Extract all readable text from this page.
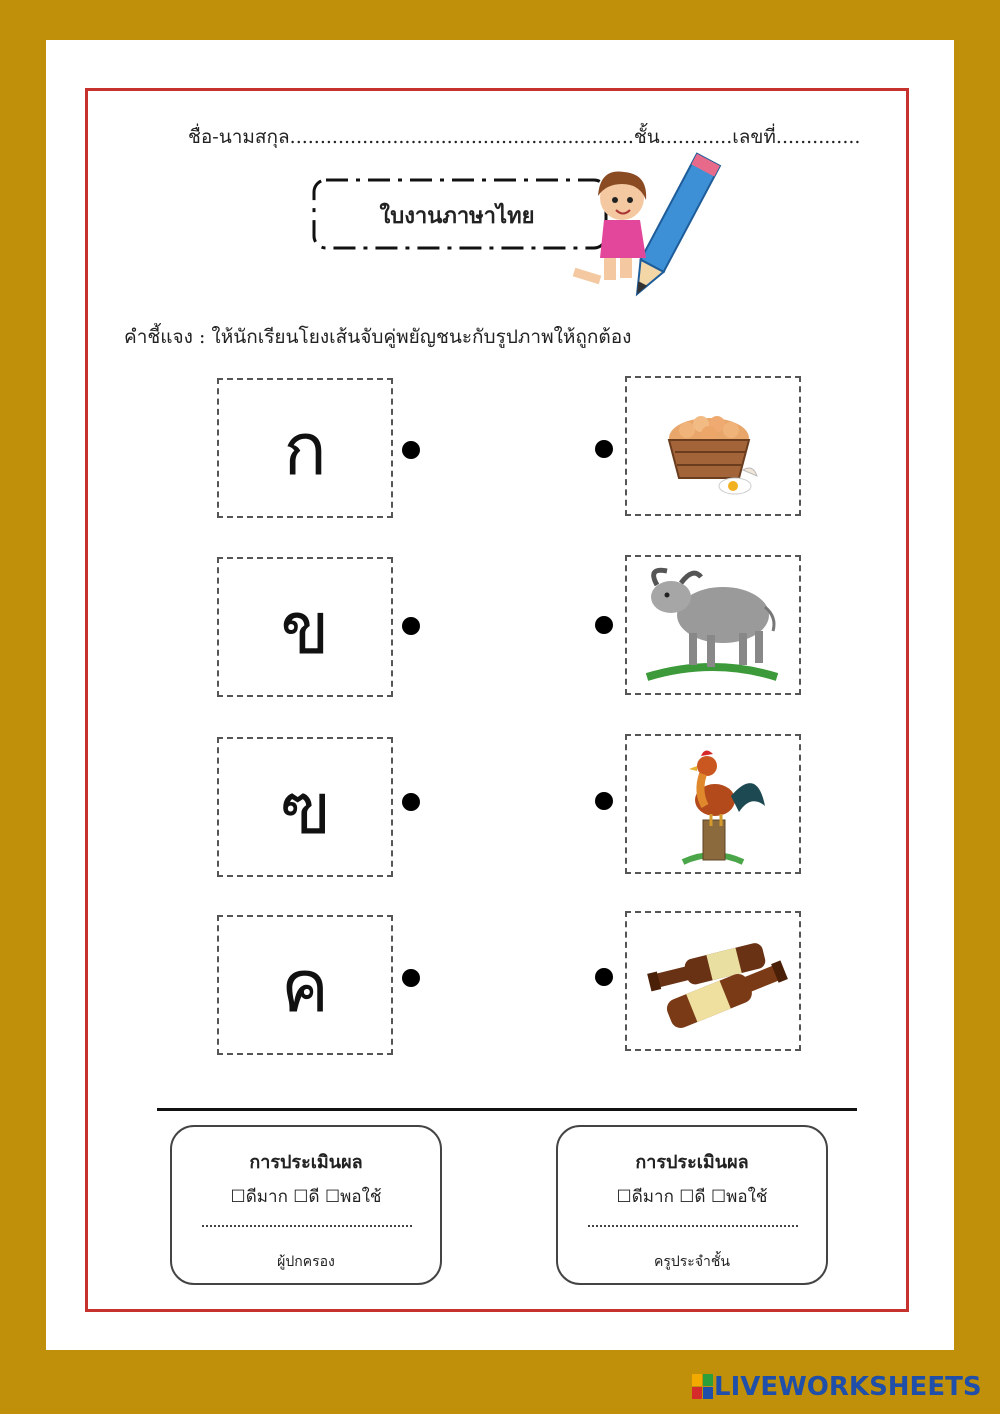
ชื่อ-นามสกุล.........................................................ชั้น............เลขที่..............
ใบงานภาษาไทย
คำชี้แจง : ให้นักเรียนโยงเส้นจับคู่พยัญชนะกับรูปภาพให้ถูกต้อง
ก
ข
ฃ
ค
การประเมินผล
☐ดีมาก ☐ดี ☐พอใช้
ผู้ปกครอง
การประเมินผล
☐ดีมาก ☐ดี ☐พอใช้
ครูประจำชั้น
LIVEWORKSHEETS
